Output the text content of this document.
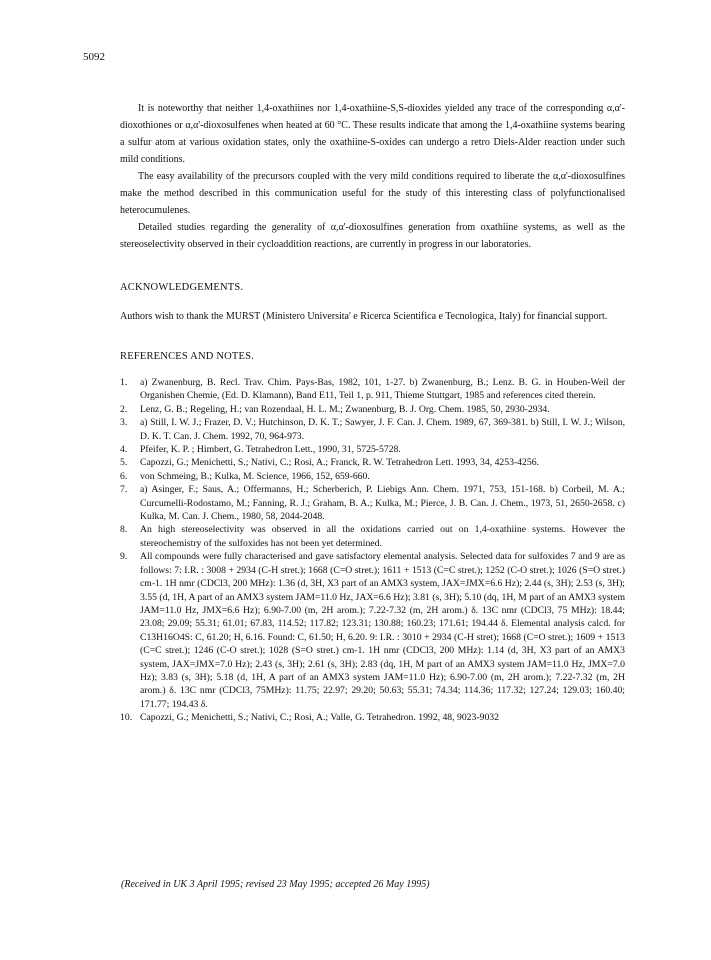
5092

It is noteworthy that neither 1,4-oxathiines nor 1,4-oxathiine-S,S-dioxides yielded any trace of the corresponding α,α'-dioxothiones or α,α'-dioxosulfenes when heated at 60 °C. These results indicate that among the 1,4-oxathiine systems bearing a sulfur atom at various oxidation states, only the oxathiine-S-oxides can undergo a retro Diels-Alder reaction under such mild conditions.

The easy availability of the precursors coupled with the very mild conditions required to liberate the α,α'-dioxosulfines make the method described in this communication useful for the study of this interesting class of polyfunctionalised heterocumulenes.

Detailed studies regarding the generality of α,α'-dioxosulfines generation from oxathiine systems, as well as the stereoselectivity observed in their cycloaddition reactions, are currently in progress in our laboratories.

ACKNOWLEDGEMENTS.

Authors wish to thank the MURST (Ministero Universita' e Ricerca Scientifica e Tecnologica, Italy) for financial support.

REFERENCES AND NOTES.
1.	a) Zwanenburg, B. Recl. Trav. Chim. Pays-Bas, 1982, 101, 1-27. b) Zwanenburg, B.; Lenz. B. G. in Houben-Weil der Organishen Chemie, (Ed. D. Klamann), Band E11, Teil 1, p. 911, Thieme Stuttgart, 1985 and references cited therein.
2.	Lenz, G. B.; Regeling, H.; van Rozendaal, H. L. M.; Zwanenburg, B. J. Org. Chem. 1985, 50, 2930-2934.
3.	a) Still, I. W. J.; Frazer, D. V.; Hutchinson, D. K. T.; Sawyer, J. F. Can. J. Chem. 1989, 67, 369-381. b) Still, I. W. J.; Wilson, D. K. T. Can. J. Chem. 1992, 70, 964-973.
4.	Pfeifer, K. P. ; Himbert, G. Tetrahedron Lett., 1990, 31, 5725-5728.
5.	Capozzi, G.; Menichetti, S.; Nativi, C.; Rosi, A.; Franck, R. W. Tetrahedron Lett. 1993, 34, 4253-4256.
6.	von Schmeing, B.; Kulka, M. Science, 1966, 152, 659-660.
7.	a) Asinger, F.; Saus, A.; Offermanns, H.; Scherberich, P. Liebigs Ann. Chem. 1971, 753, 151-168. b) Corbeil, M. A.; Curcumelli-Rodostamo, M.; Fanning, R. J.; Graham, B. A.; Kulka, M.; Pierce, J. B. Can. J. Chem., 1973, 51, 2650-2658. c) Kulka, M. Can. J. Chem., 1980, 58, 2044-2048.
8.	An high stereoselectivity was observed in all the oxidations carried out on 1,4-oxathiine systems. However the stereochemistry of the sulfoxides has not been yet determined.
9.	All compounds were fully characterised and gave satisfactory elemental analysis. Selected data for sulfoxides 7 and 9 are as follows: 7: I.R. : 3008 + 2934 (C-H stret.); 1668 (C=O stret.); 1611 + 1513 (C=C stret.); 1252 (C-O stret.); 1026 (S=O stret.) cm-1. 1H nmr (CDCl3, 200 MHz): 1.36 (d, 3H, X3 part of an AMX3 system, JAX=JMX=6.6 Hz); 2.44 (s, 3H); 2.53 (s, 3H); 3.55 (d, 1H, A part of an AMX3 system JAM=11.0 Hz, JAX=6.6 Hz); 3.81 (s, 3H); 5.10 (dq, 1H, M part of an AMX3 system JAM=11.0 Hz, JMX=6.6 Hz); 6.90-7.00 (m, 2H arom.); 7.22-7.32 (m, 2H arom.) δ. 13C nmr (CDCl3, 75 MHz): 18.44; 23.08; 29.09; 55.31; 61.01; 67.83, 114.52; 117.82; 123.31; 130.88; 160.23; 171.61; 194.44 δ. Elemental analysis calcd. for C13H16O4S: C, 61.20; H, 6.16. Found: C, 61.50; H, 6.20. 9: I.R. : 3010 + 2934 (C-H stret); 1668 (C=O stret.); 1609 + 1513 (C=C stret.); 1246 (C-O stret.); 1028 (S=O stret.) cm-1. 1H nmr (CDCl3, 200 MHz): 1.14 (d, 3H, X3 part of an AMX3 system, JAX=JMX=7.0 Hz); 2.43 (s, 3H); 2.61 (s, 3H); 2.83 (dq, 1H, M part of an AMX3 system JAM=11.0 Hz, JMX=7.0 Hz); 3.83 (s, 3H); 5.18 (d, 1H, A part of an AMX3 system JAM=11.0 Hz); 6.90-7.00 (m, 2H arom.); 7.22-7.32 (m, 2H arom.) δ. 13C nmr (CDCl3, 75MHz): 11.75; 22.97; 29.20; 50.63; 55.31; 74.34; 114.36; 117.32; 127.24; 129.03; 160.40; 171.77; 194.43 δ.
10. Capozzi, G.; Menichetti, S.; Nativi, C.; Rosi, A.; Valle, G. Tetrahedron. 1992, 48, 9023-9032
(Received in UK 3 April 1995; revised 23 May 1995; accepted 26 May 1995)
